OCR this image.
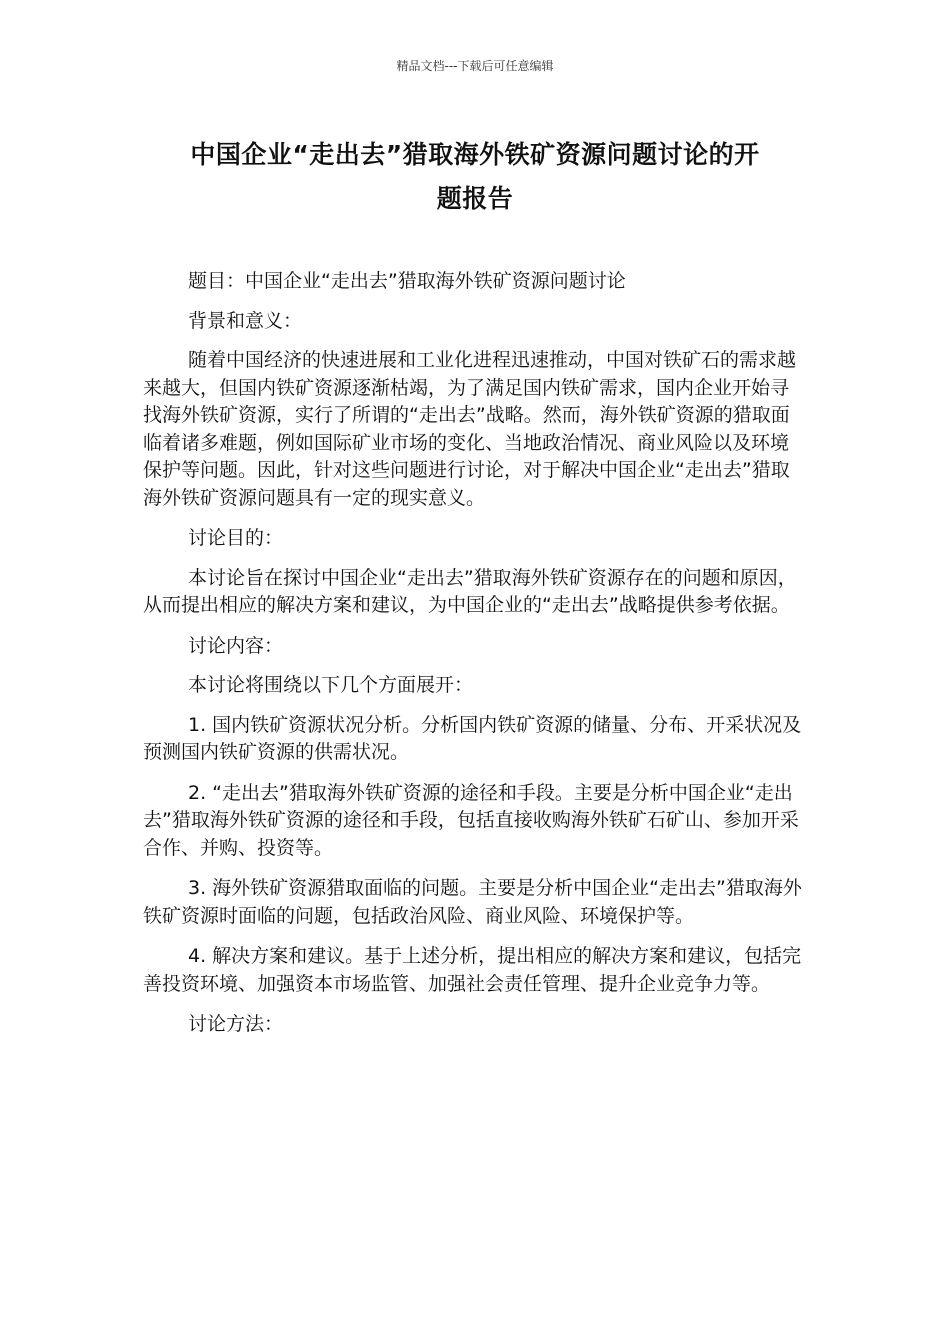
精品文档---下载后可任意编辑
中国企业“走出去”猎取海外铁矿资源问题讨论的开
题报告

题目：中国企业“走出去”猎取海外铁矿资源问题讨论

背景和意义：

随着中国经济的快速进展和工业化进程迅速推动，中国对铁矿石的需求越来越大，但国内铁矿资源逐渐枯竭，为了满足国内铁矿需求，国内企业开始寻找海外铁矿资源，实行了所谓的“走出去”战略。然而，海外铁矿资源的猎取面临着诸多难题，例如国际矿业市场的变化、当地政治情况、商业风险以及环境保护等问题。因此，针对这些问题进行讨论，对于解决中国企业“走出去”猎取海外铁矿资源问题具有一定的现实意义。

讨论目的：

本讨论旨在探讨中国企业“走出去”猎取海外铁矿资源存在的问题和原因，从而提出相应的解决方案和建议，为中国企业的“走出去”战略提供参考依据。

讨论内容：

本讨论将围绕以下几个方面展开：

1. 国内铁矿资源状况分析。分析国内铁矿资源的储量、分布、开采状况及预测国内铁矿资源的供需状况。

2. “走出去”猎取海外铁矿资源的途径和手段。主要是分析中国企业“走出去”猎取海外铁矿资源的途径和手段，包括直接收购海外铁矿石矿山、参加开采合作、并购、投资等。

3. 海外铁矿资源猎取面临的问题。主要是分析中国企业“走出去”猎取海外铁矿资源时面临的问题，包括政治风险、商业风险、环境保护等。

4. 解决方案和建议。基于上述分析，提出相应的解决方案和建议，包括完善投资环境、加强资本市场监管、加强社会责任管理、提升企业竞争力等。

讨论方法：
